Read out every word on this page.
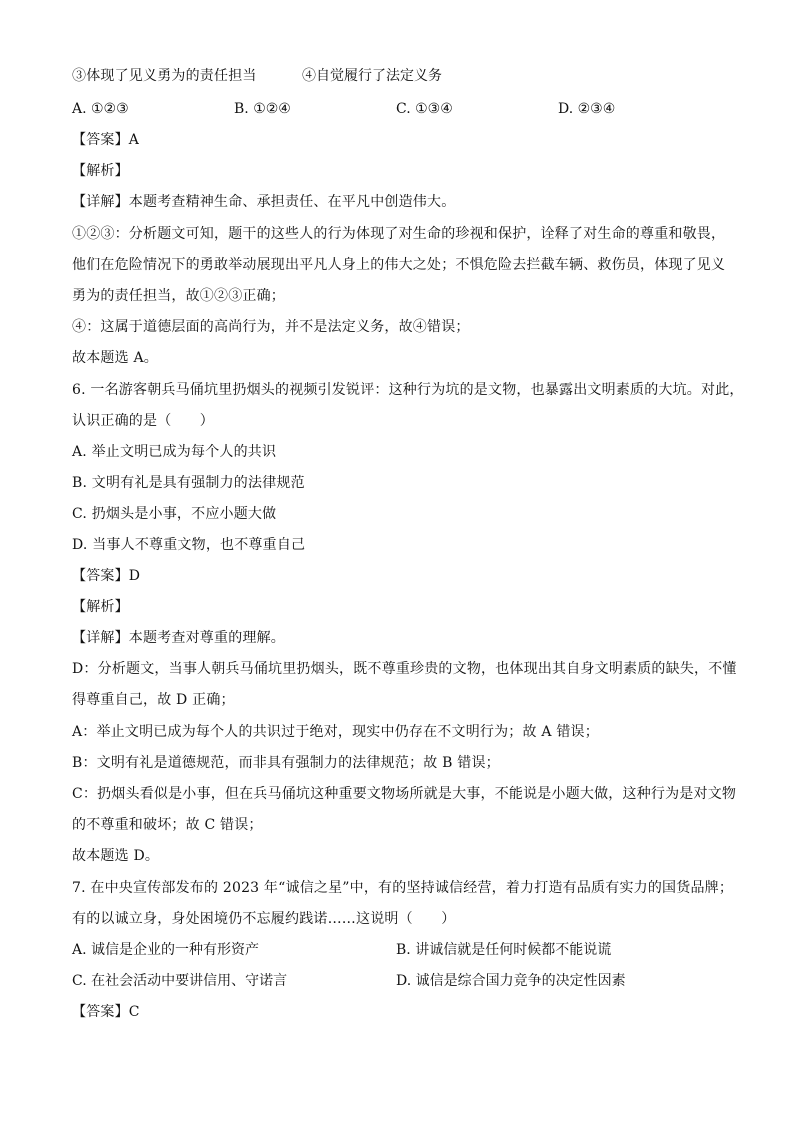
③体现了见义勇为的责任担当	④自觉履行了法定义务
A. ①②③	B. ①②④	C. ①③④	D. ②③④
【答案】A
【解析】
【详解】本题考查精神生命、承担责任、在平凡中创造伟大。
①②③：分析题文可知，题干的这些人的行为体现了对生命的珍视和保护，诠释了对生命的尊重和敬畏，
他们在危险情况下的勇敢举动展现出平凡人身上的伟大之处；不惧危险去拦截车辆、救伤员，体现了见义
勇为的责任担当，故①②③正确；
④：这属于道德层面的高尚行为，并不是法定义务，故④错误；
故本题选 A。
6. 一名游客朝兵马俑坑里扔烟头的视频引发锐评：这种行为坑的是文物，也暴露出文明素质的大坑。对此，
认识正确的是（　　）
A. 举止文明已成为每个人的共识
B. 文明有礼是具有强制力的法律规范
C. 扔烟头是小事，不应小题大做
D. 当事人不尊重文物，也不尊重自己
【答案】D
【解析】
【详解】本题考查对尊重的理解。
D：分析题文，当事人朝兵马俑坑里扔烟头，既不尊重珍贵的文物，也体现出其自身文明素质的缺失，不懂
得尊重自己，故 D 正确；
A：举止文明已成为每个人的共识过于绝对，现实中仍存在不文明行为；故 A 错误；
B：文明有礼是道德规范，而非具有强制力的法律规范；故 B 错误；
C：扔烟头看似是小事，但在兵马俑坑这种重要文物场所就是大事，不能说是小题大做，这种行为是对文物
的不尊重和破坏；故 C 错误；
故本题选 D。
7. 在中央宣传部发布的 2023 年“诚信之星”中，有的坚持诚信经营，着力打造有品质有实力的国货品牌；
有的以诚立身，身处困境仍不忘履约践诺……这说明（　　）
A. 诚信是企业的一种有形资产	B. 讲诚信就是任何时候都不能说谎
C. 在社会活动中要讲信用、守诺言	D. 诚信是综合国力竞争的决定性因素
【答案】C
